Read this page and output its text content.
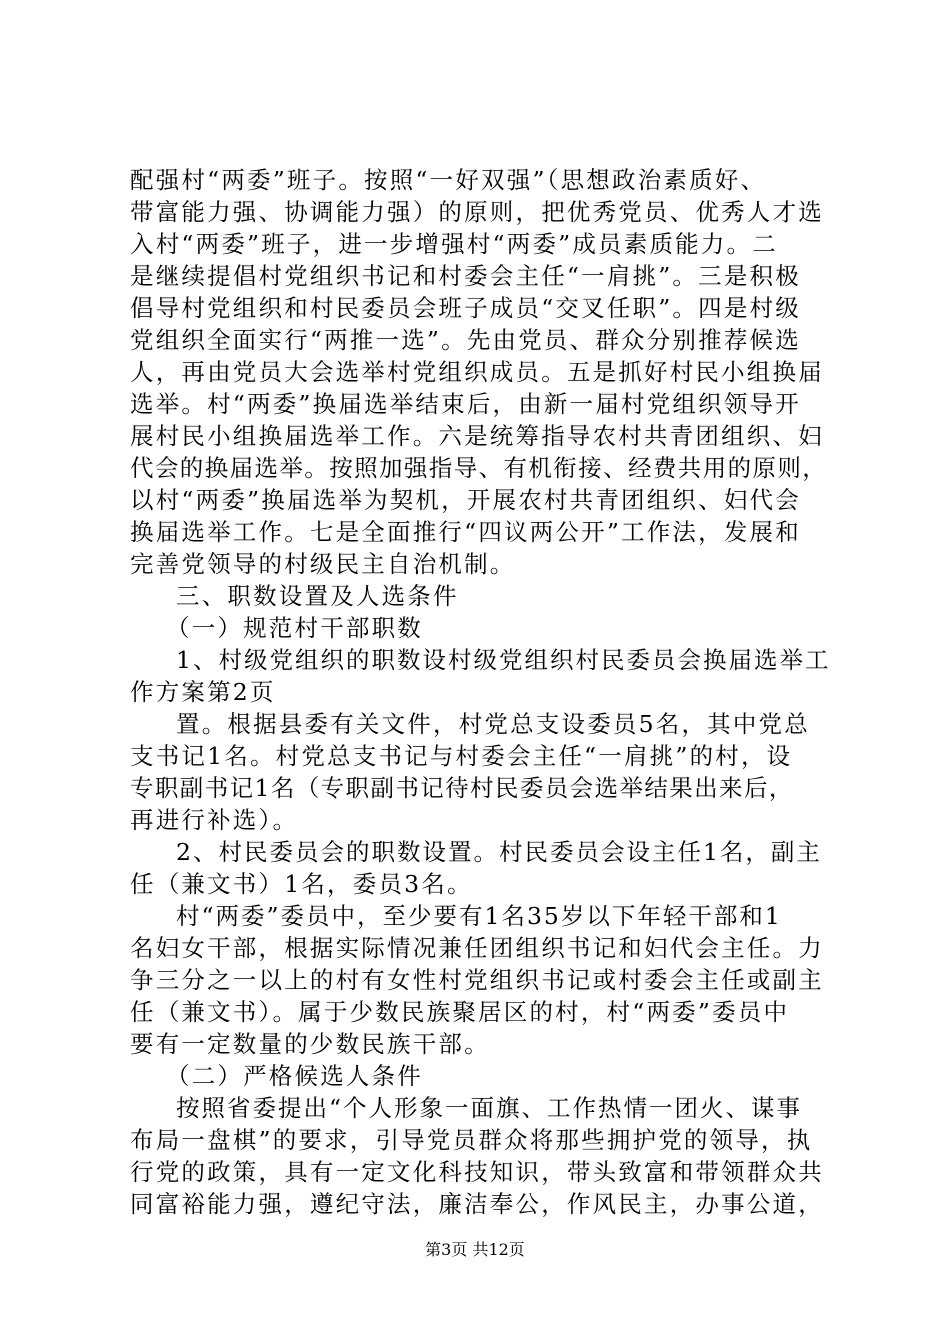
配强村“两委”班子。按照“一好双强”（思想政治素质好、
带富能力强、协调能力强）的原则，把优秀党员、优秀人才选
入村“两委”班子，进一步增强村“两委”成员素质能力。二
是继续提倡村党组织书记和村委会主任“一肩挑”。三是积极
倡导村党组织和村民委员会班子成员“交叉任职”。四是村级
党组织全面实行“两推一选”。先由党员、群众分别推荐候选
人，再由党员大会选举村党组织成员。五是抓好村民小组换届
选举。村“两委”换届选举结束后，由新一届村党组织领导开
展村民小组换届选举工作。六是统筹指导农村共青团组织、妇
代会的换届选举。按照加强指导、有机衔接、经费共用的原则，
以村“两委”换届选举为契机，开展农村共青团组织、妇代会
换届选举工作。七是全面推行“四议两公开”工作法，发展和
完善党领导的村级民主自治机制。
三、职数设置及人选条件
（一）规范村干部职数
1、村级党组织的职数设村级党组织村民委员会换届选举工
作方案第2页
置。根据县委有关文件，村党总支设委员5名，其中党总
支书记1名。村党总支书记与村委会主任“一肩挑”的村，设
专职副书记1名（专职副书记待村民委员会选举结果出来后，
再进行补选）。
2、村民委员会的职数设置。村民委员会设主任1名，副主
任（兼文书）1名，委员3名。
村“两委”委员中，至少要有1名35岁以下年轻干部和1
名妇女干部，根据实际情况兼任团组织书记和妇代会主任。力
争三分之一以上的村有女性村党组织书记或村委会主任或副主
任（兼文书）。属于少数民族聚居区的村，村“两委”委员中
要有一定数量的少数民族干部。
（二）严格候选人条件
按照省委提出“个人形象一面旗、工作热情一团火、谋事
布局一盘棋”的要求，引导党员群众将那些拥护党的领导，执
行党的政策，具有一定文化科技知识，带头致富和带领群众共
同富裕能力强，遵纪守法，廉洁奉公，作风民主，办事公道，
第3页 共12页
